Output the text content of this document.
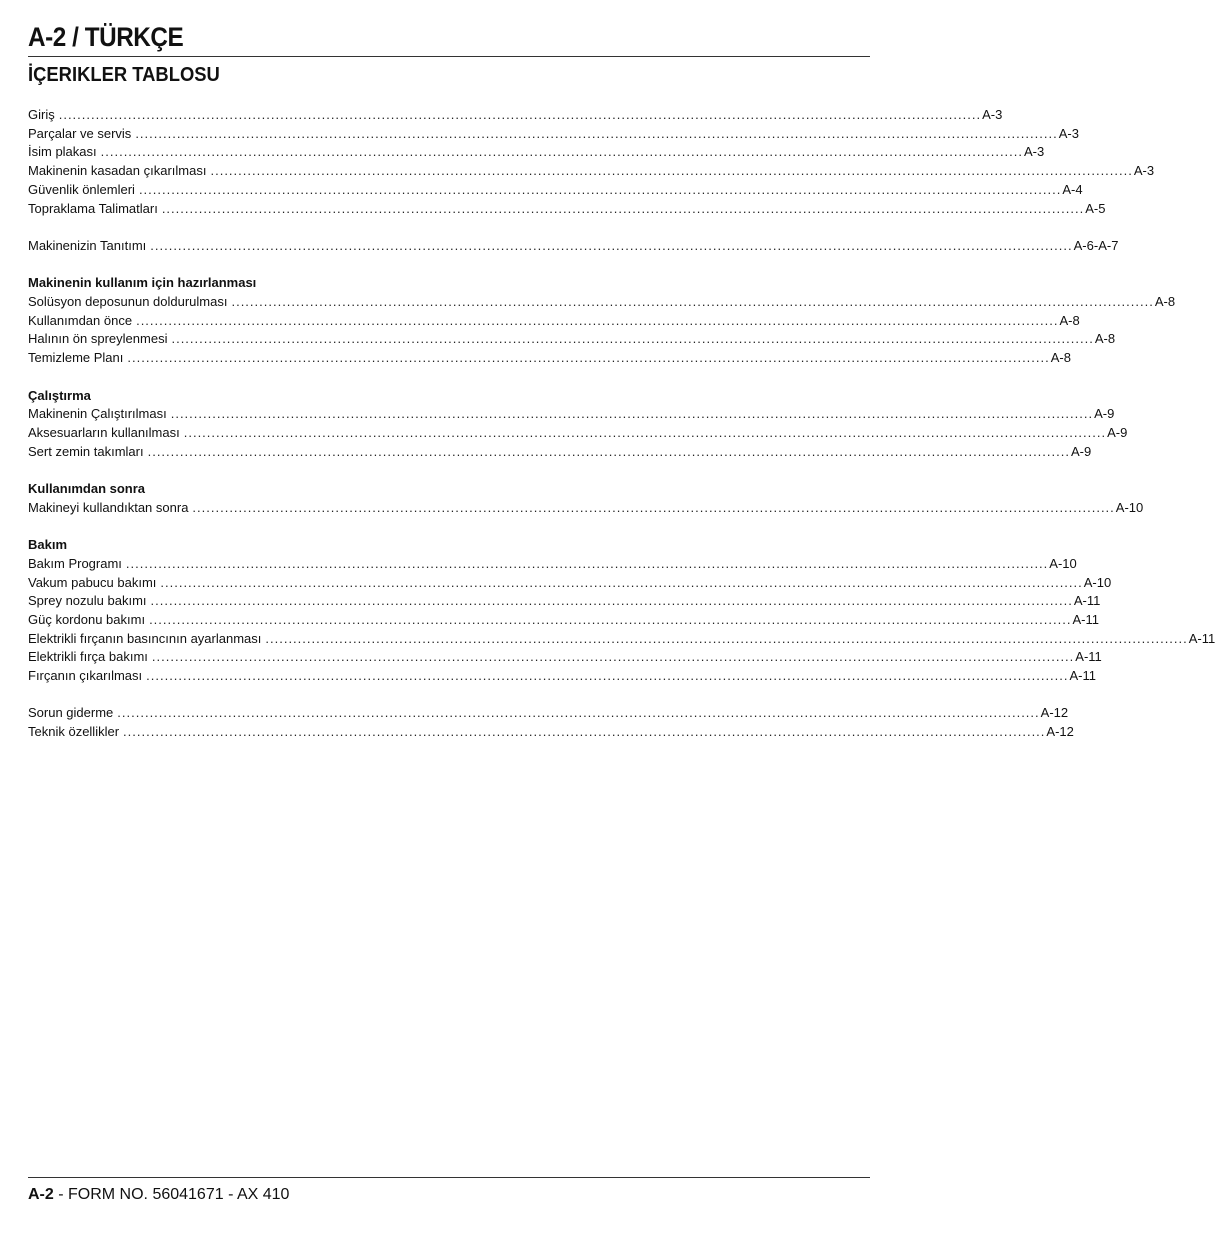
A-2 / TÜRKÇE
İÇERIKLER TABLOSU
Giriş ........................................................................................................................................................................................................ A-3
Parçalar ve servis ........................................................................................................................................................................................................ A-3
İsim plakası ........................................................................................................................................................................................................ A-3
Makinenin kasadan çıkarılması ........................................................................................................................................................................................................ A-3
Güvenlik önlemleri ........................................................................................................................................................................................................ A-4
Topraklama Talimatları ........................................................................................................................................................................................................ A-5
Makinenizin Tanıtımı ........................................................................................................................................................................................................ A-6-A-7
Makinenin kullanım için hazırlanması
Solüsyon deposunun doldurulması ........................................................................................................................................................................................................ A-8
Kullanımdan önce ........................................................................................................................................................................................................ A-8
Halının ön spreylenmesi ........................................................................................................................................................................................................ A-8
Temizleme Planı ........................................................................................................................................................................................................ A-8
Çalıştırma
Makinenin Çalıştırılması ........................................................................................................................................................................................................ A-9
Aksesuarların kullanılması ........................................................................................................................................................................................................ A-9
Sert zemin takımları ........................................................................................................................................................................................................ A-9
Kullanımdan sonra
Makineyi kullandıktan sonra ........................................................................................................................................................................................................ A-10
Bakım
Bakım Programı ........................................................................................................................................................................................................ A-10
Vakum pabucu bakımı ........................................................................................................................................................................................................ A-10
Sprey nozulu bakımı ........................................................................................................................................................................................................ A-11
Güç kordonu bakımı ........................................................................................................................................................................................................ A-11
Elektrikli fırçanın basıncının ayarlanması ........................................................................................................................................................................................................ A-11
Elektrikli fırça bakımı ........................................................................................................................................................................................................ A-11
Fırçanın çıkarılması ........................................................................................................................................................................................................ A-11
Sorun giderme ........................................................................................................................................................................................................ A-12
Teknik özellikler ........................................................................................................................................................................................................ A-12
A-2 - FORM NO. 56041671 - AX 410
